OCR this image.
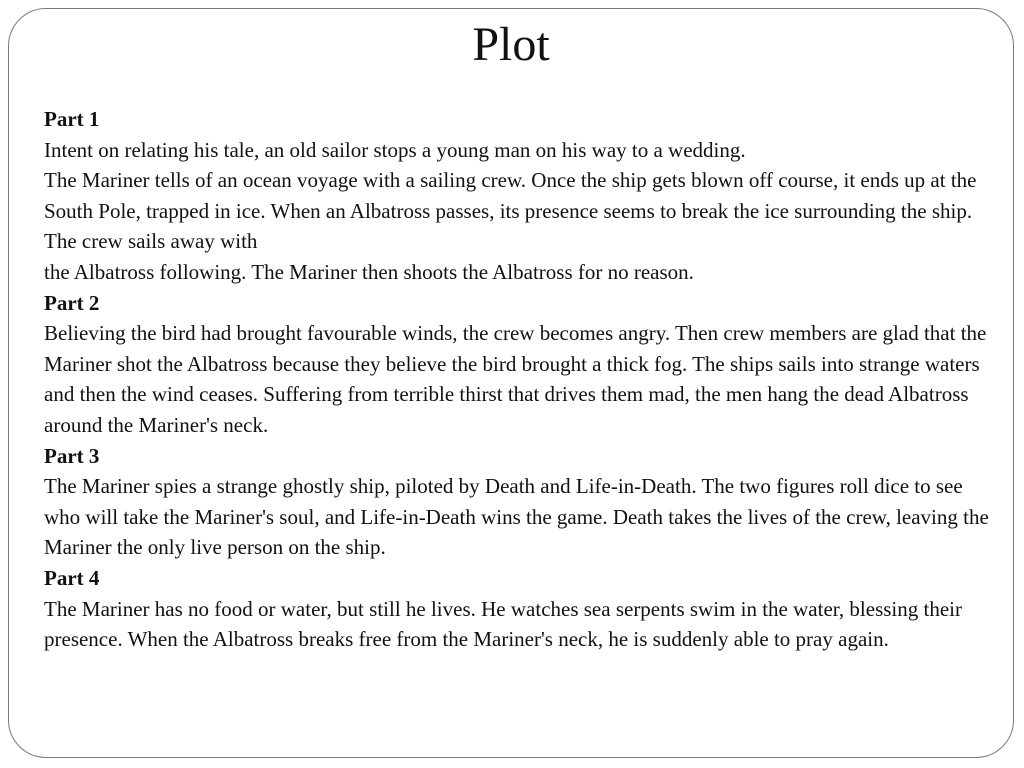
Plot
Part 1

Intent on relating his tale, an old sailor stops a young man on his way to a wedding.

The Mariner tells of an ocean voyage with a sailing crew. Once the ship gets blown off course, it ends up at the South Pole, trapped in ice. When an Albatross passes, its presence seems to break the ice surrounding the ship. The crew sails away with

the Albatross following. The Mariner then shoots the Albatross for no reason.

Part 2

Believing the bird had brought favourable winds, the crew becomes angry. Then crew members are glad that the Mariner shot the Albatross because they believe the bird brought a thick fog. The ships sails into strange waters and then the wind ceases. Suffering from terrible thirst that drives them mad, the men hang the dead Albatross around the Mariner's neck.

Part 3

The Mariner spies a strange ghostly ship, piloted by Death and Life-in-Death. The two figures roll dice to see who will take the Mariner's soul, and Life-in-Death wins the game. Death takes the lives of the crew, leaving the Mariner the only live person on the ship.

Part 4

The Mariner has no food or water, but still he lives. He watches sea serpents swim in the water, blessing their presence. When the Albatross breaks free from the Mariner's neck, he is suddenly able to pray again.
